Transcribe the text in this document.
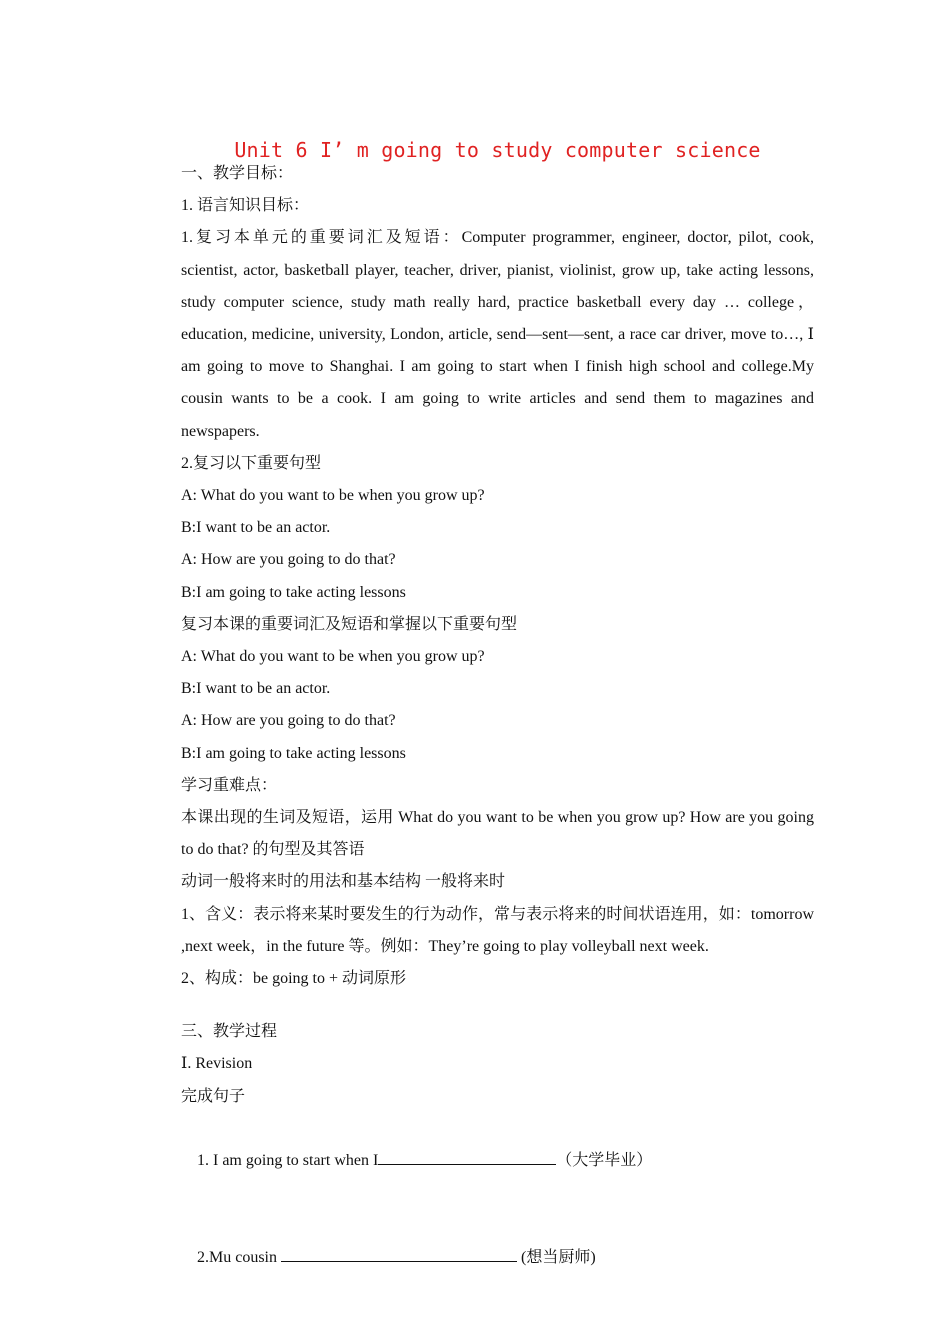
Unit 6 I’ m going to study computer science

一、教学目标：

1. 语言知识目标：

1.复习本单元的重要词汇及短语：Computer programmer, engineer, doctor, pilot, cook, scientist, actor, basketball player, teacher, driver, pianist, violinist, grow up, take acting lessons, study computer science, study math really hard, practice basketball every day … college， education, medicine, university, London, article, send—sent—sent, a race car driver, move to…, Ⅰ am going to move to Shanghai. I am going to start when I finish high school and college.My cousin wants to be a cook. I am going to write articles and send them to magazines and newspapers.

2.复习以下重要句型

A: What do you want to be when you grow up?

B:I want to be an actor.

A: How are you going to do that?

B:I am going to take acting lessons

复习本课的重要词汇及短语和掌握以下重要句型

A: What do you want to be when you grow up?

B:I want to be an actor.

A: How are you going to do that?

B:I am going to take acting lessons

学习重难点：

本课出现的生词及短语，运用 What do you want to be when you grow up? How are you going to do that? 的句型及其答语

动词一般将来时的用法和基本结构 一般将来时

1、含义：表示将来某时要发生的行为动作，常与表示将来的时间状语连用，如：tomorrow ,next week，in the future 等。例如：They’re going to play volleyball next week.

2、构成：be going to + 动词原形

三、教学过程

Ⅰ. Revision

完成句子

1. I am going to start when I	（大学毕业）

2.Mu cousin	(想当厨师)
